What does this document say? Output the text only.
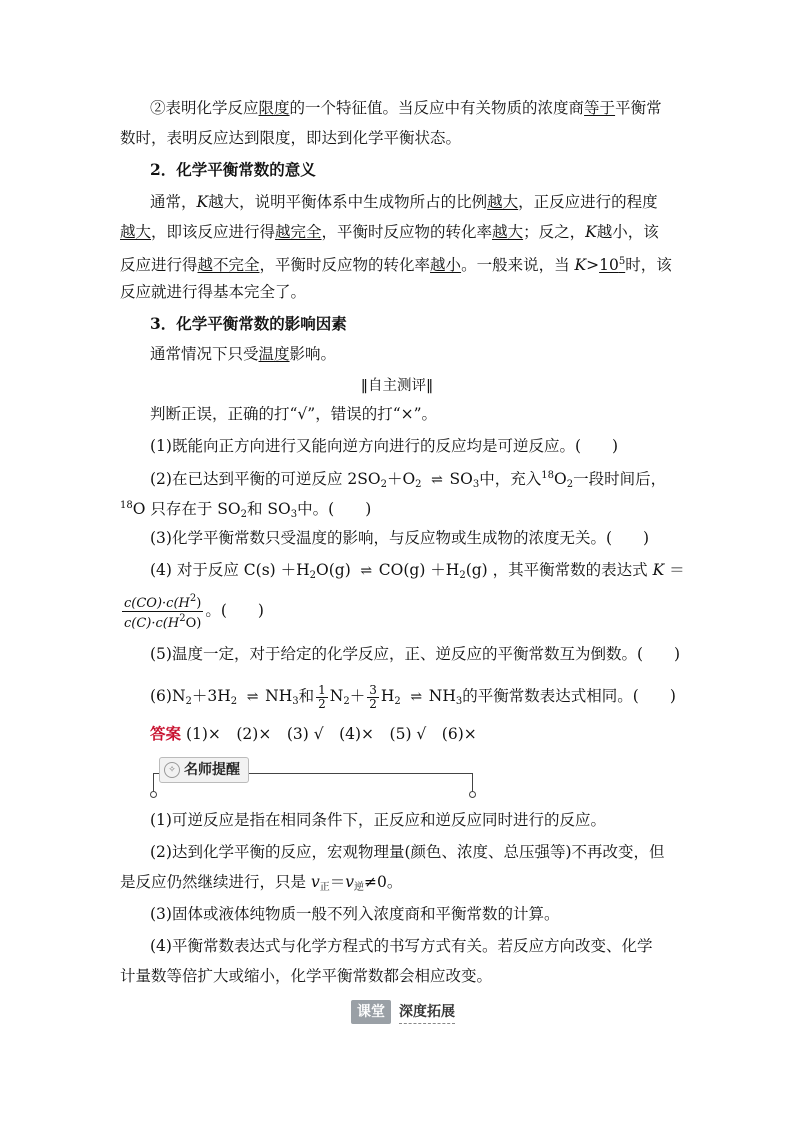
②表明化学反应限度的一个特征值。当反应中有关物质的浓度商等于平衡常
数时，表明反应达到限度，即达到化学平衡状态。
2．化学平衡常数的意义
通常，K越大，说明平衡体系中生成物所占的比例越大，正反应进行的程度
越大，即该反应进行得越完全，平衡时反应物的转化率越大；反之，K越小，该
反应进行得越不完全，平衡时反应物的转化率越小。一般来说，当 $K>10^5$时，该
反应就进行得基本完全了。
3．化学平衡常数的影响因素
通常情况下只受温度影响。
‖自主测评‖
判断正误，正确的打“√”，错误的打“×”。
(1)既能向正方向进行又能向逆方向进行的反应均是可逆反应。(　　)
(2)在已达到平衡的可逆反应 $2SO_2+O_2$ ⇌ $SO_3$中，充入$^{18}O_2$一段时间后，
$^{18}$O 只存在于 $SO_2$和 $SO_3$中。(　　)
(3)化学平衡常数只受温度的影响，与反应物或生成物的浓度无关。(　　)
(4) 对于反应 $C(s) +H_2O(g)$ ⇌ $CO(g) +H_2(g)$ ，其平衡常数的表达式 K ＝
$\frac{c(CO)\cdot c(H^2)}{c(C)\cdot c(H^2O)}$ 。(　　)
(5)温度一定，对于给定的化学反应，正、逆反应的平衡常数互为倒数。(　　)
$(6)N_2+3H_2$ ⇌ $NH_3$和 $\frac{1}{2} N_2+ \frac{3}{2} H_2$ ⇌ $NH_3$的平衡常数表达式相同。(　　)
答案 (1)×　(2)×　(3) √　(4)×　(5) √　(6)×
✧ 名师提醒
(1)可逆反应是指在相同条件下，正反应和逆反应同时进行的反应。
(2)达到化学平衡的反应，宏观物理量(颜色、浓度、总压强等)不再改变，但
是反应仍然继续进行，只是 $v_正=v_逆\ne 0$。
(3)固体或液体纯物质一般不列入浓度商和平衡常数的计算。
(4)平衡常数表达式与化学方程式的书写方式有关。若反应方向改变、化学
计量数等倍扩大或缩小，化学平衡常数都会相应改变。
课堂 深度拓展
